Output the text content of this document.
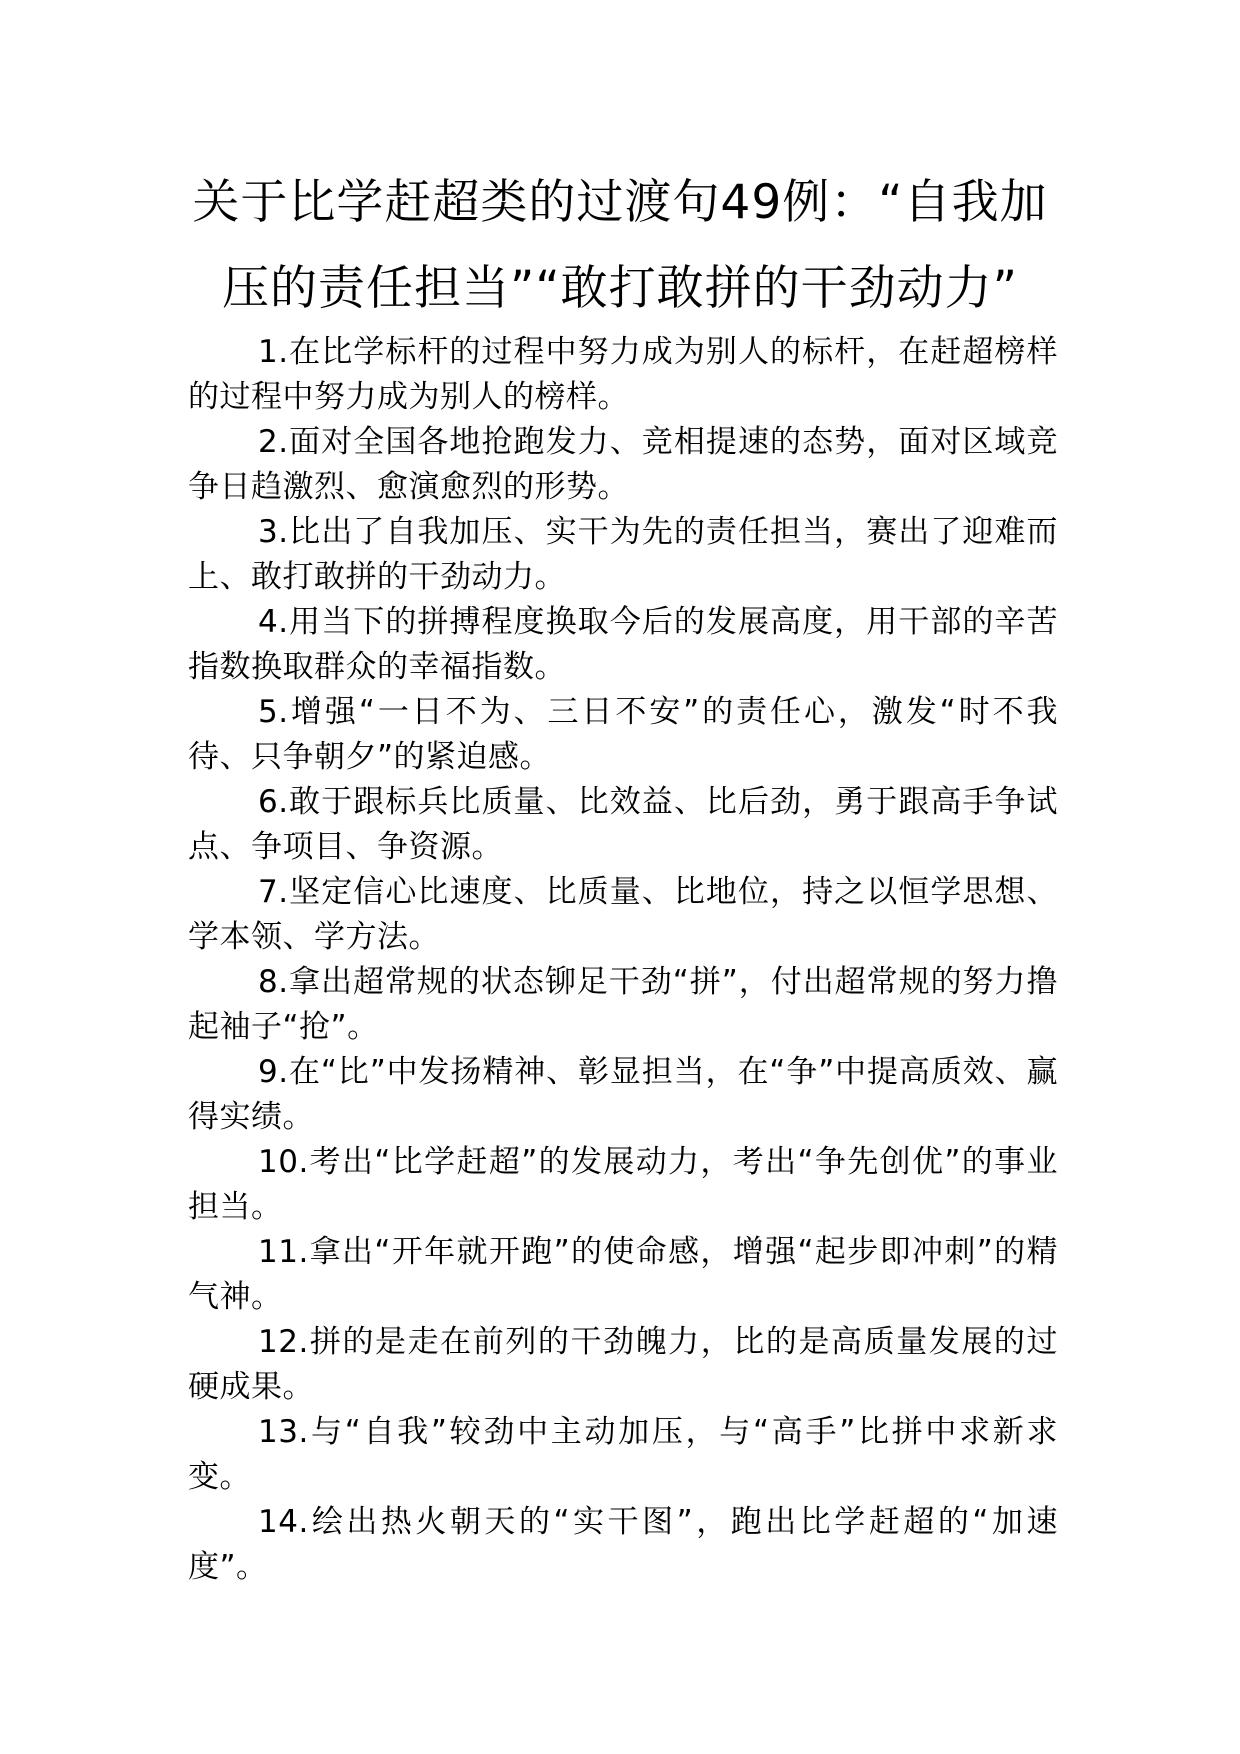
关于比学赶超类的过渡句49例：“自我加压的责任担当”“敢打敢拼的干劲动力”

1.在比学标杆的过程中努力成为别人的标杆，在赶超榜样的过程中努力成为别人的榜样。

2.面对全国各地抢跑发力、竞相提速的态势，面对区域竞争日趋激烈、愈演愈烈的形势。

3.比出了自我加压、实干为先的责任担当，赛出了迎难而上、敢打敢拼的干劲动力。

4.用当下的拼搏程度换取今后的发展高度，用干部的辛苦指数换取群众的幸福指数。

5.增强“一日不为、三日不安”的责任心，激发“时不我待、只争朝夕”的紧迫感。

6.敢于跟标兵比质量、比效益、比后劲，勇于跟高手争试点、争项目、争资源。

7.坚定信心比速度、比质量、比地位，持之以恒学思想、学本领、学方法。

8.拿出超常规的状态铆足干劲“拼”，付出超常规的努力撸起袖子“抢”。

9.在“比”中发扬精神、彰显担当，在“争”中提高质效、赢得实绩。

10.考出“比学赶超”的发展动力，考出“争先创优”的事业担当。

11.拿出“开年就开跑”的使命感，增强“起步即冲刺”的精气神。

12.拼的是走在前列的干劲魄力，比的是高质量发展的过硬成果。

13.与“自我”较劲中主动加压，与“高手”比拼中求新求变。

14.绘出热火朝天的“实干图”，跑出比学赶超的“加速度”。
